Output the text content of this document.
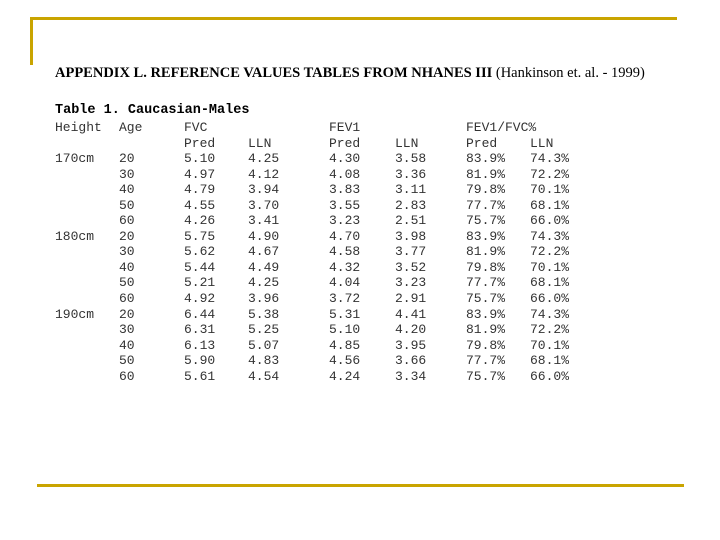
APPENDIX L. REFERENCE VALUES TABLES FROM NHANES III (Hankinson et. al. - 1999)
Table 1. Caucasian-Males
Height Age	FVC	FEV1	FEV1/FVC%
Pred	LLN	Pred	LLN	Pred	LLN
170cm 20	5.10	4.25	4.30	3.58	83.9% 74.3%
30	4.97	4.12	4.08	3.36	81.9% 72.2%
40	4.79	3.94	3.83	3.11	79.8% 70.1%
50	4.55	3.70	3.55	2.83	77.7% 68.1%
60	4.26	3.41	3.23	2.51	75.7% 66.0%
180cm 20	5.75	4.90	4.70	3.98	83.9% 74.3%
30	5.62	4.67	4.58	3.77	81.9% 72.2%
40	5.44	4.49	4.32	3.52	79.8% 70.1%
50	5.21	4.25	4.04	3.23	77.7% 68.1%
60	4.92	3.96	3.72	2.91	75.7% 66.0%
190cm 20	6.44	5.38	5.31	4.41	83.9% 74.3%
30	6.31	5.25	5.10	4.20	81.9% 72.2%
40	6.13	5.07	4.85	3.95	79.8% 70.1%
50	5.90	4.83	4.56	3.66	77.7% 68.1%
60	5.61	4.54	4.24	3.34	75.7% 66.0%
